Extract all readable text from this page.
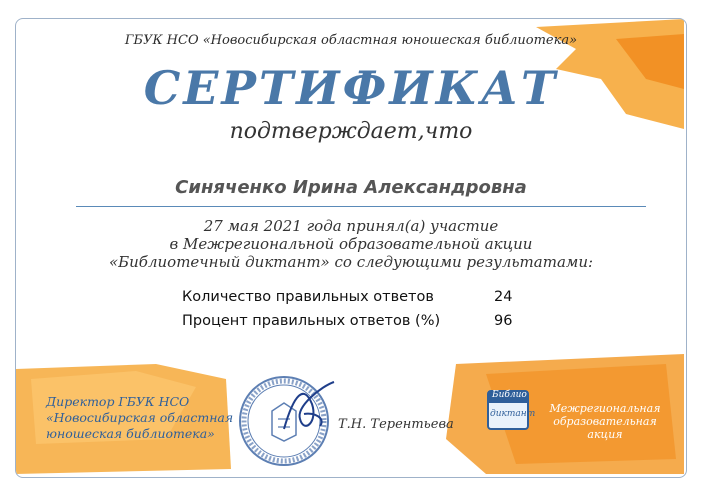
ГБУК НСО «Новосибирская областная юношеская библиотека»
СЕРТИФИКАТ
подтверждает,что
Синяченко Ирина Александровна
27 мая 2021 года принял(а) участие
в Межрегиональной образовательной акции
«Библиотечный диктант» со следующими результатами:
Количество правильных ответов	24
Процент правильных ответов (%)	96
Директор ГБУК НСО
«Новосибирская областная
юношеская библиотека»
Т.Н. Терентьева
Библио
диктант	Межрегиональная
образовательная акция
